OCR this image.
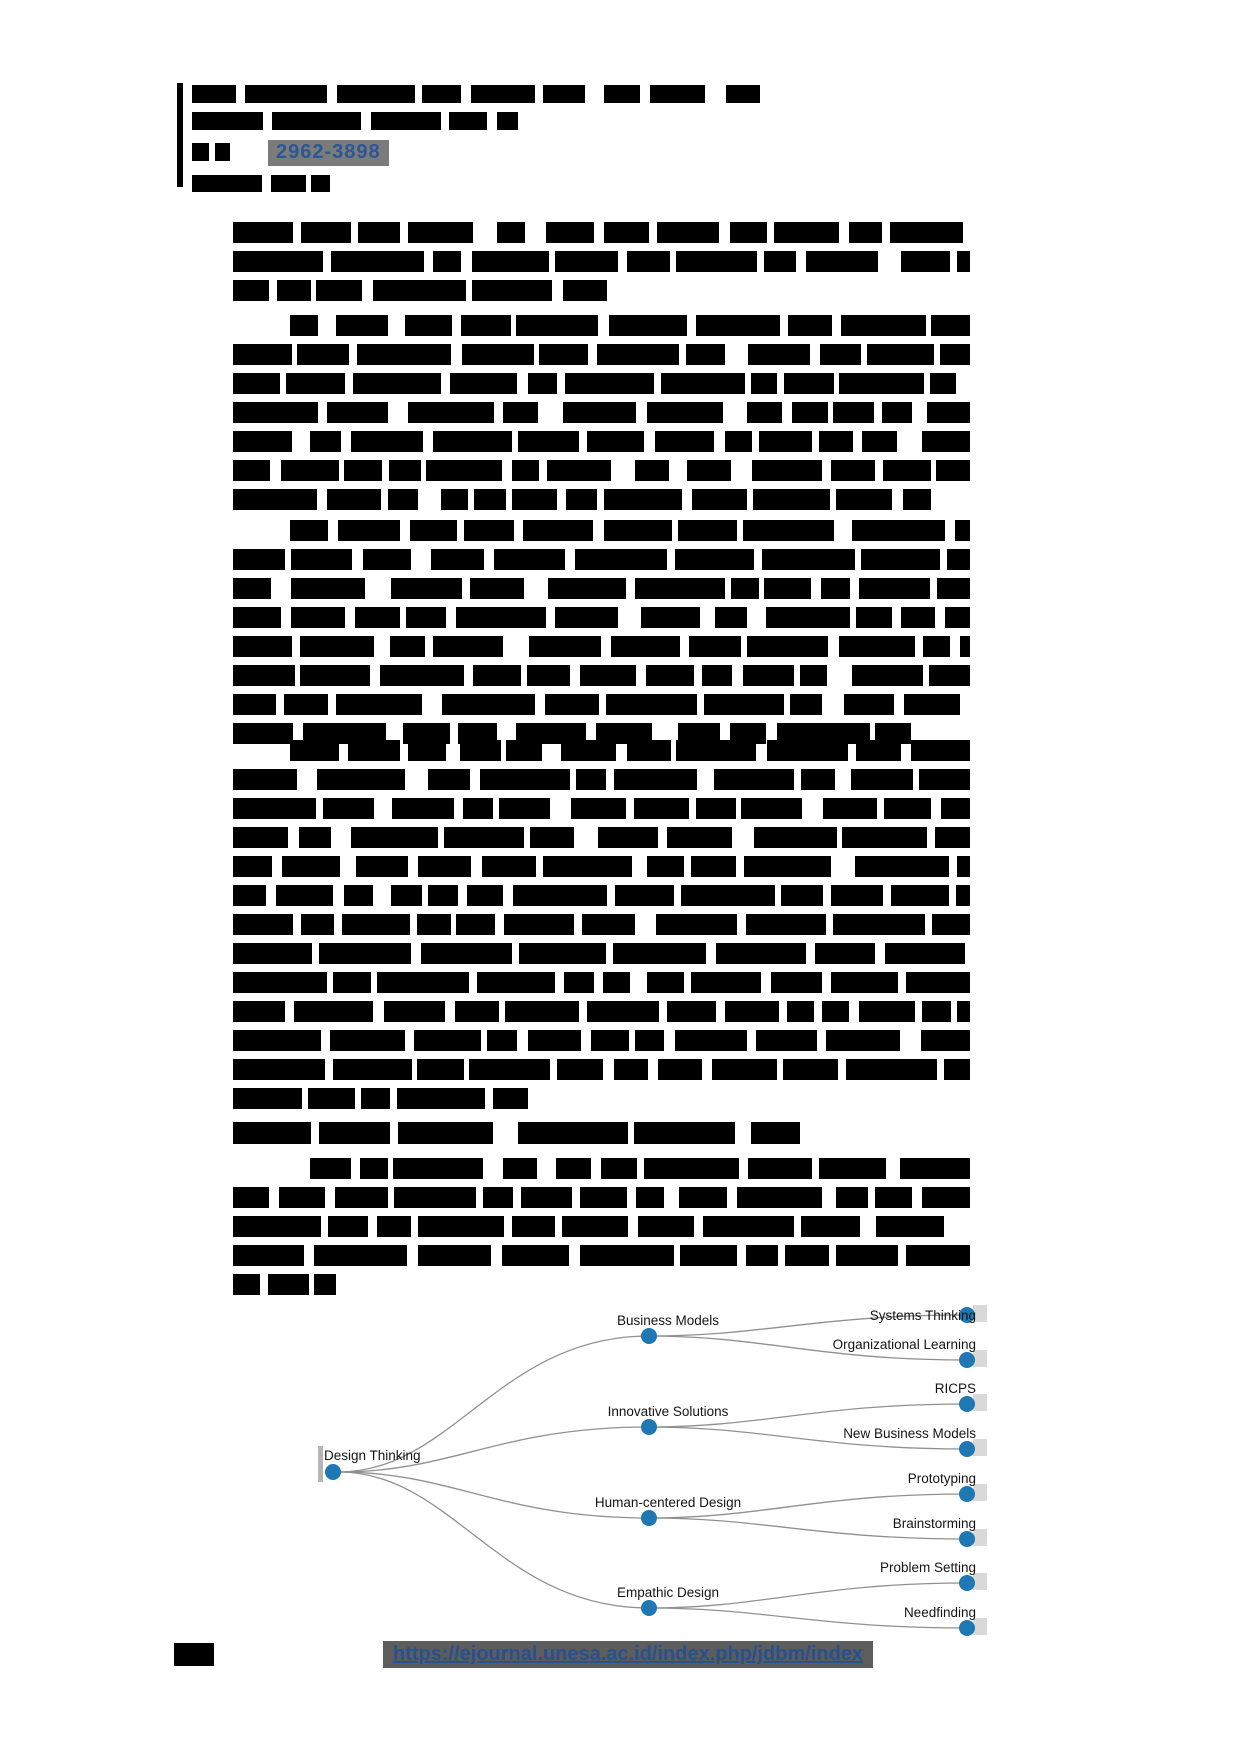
2962-3898
Design Thinking
Business Models	Systems Thinking
Organizational Learning
Innovative Solutions
RICPS
New Business Models
Human-centered Design
Prototyping
Brainstorming
Empathic Design
Problem Setting
Needfinding
https://ejournal.unesa.ac.id/index.php/jdbm/index
